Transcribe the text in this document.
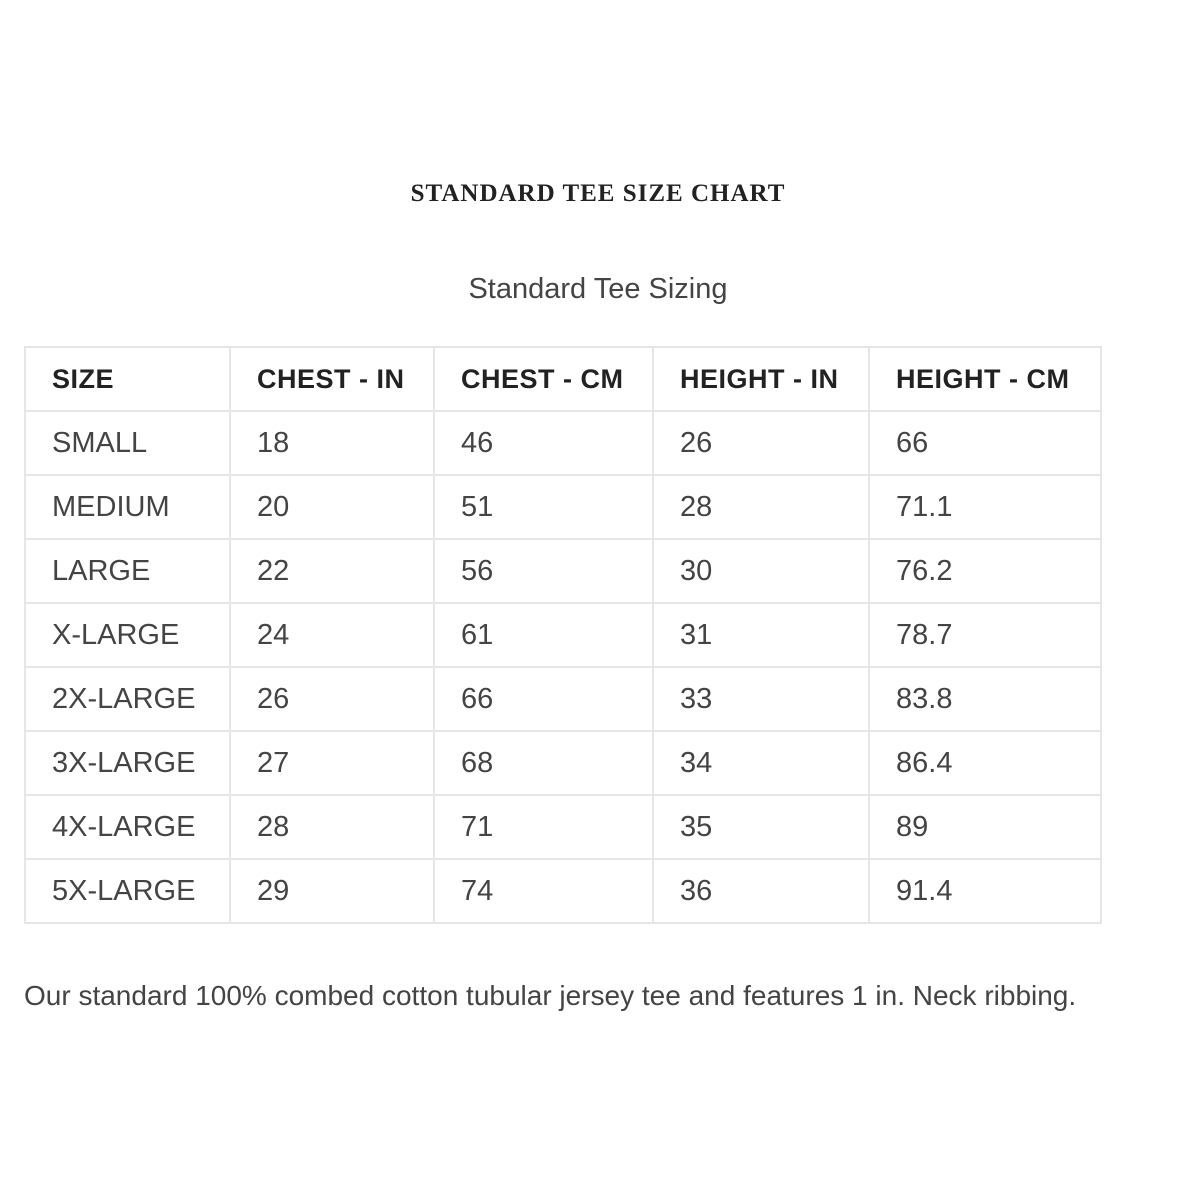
STANDARD TEE SIZE CHART

Standard Tee Sizing

SIZE	CHEST - IN	CHEST - CM	HEIGHT - IN	HEIGHT - CM
SMALL	18	46	26	66
MEDIUM	20	51	28	71.1
LARGE	22	56	30	76.2
X-LARGE	24	61	31	78.7
2X-LARGE	26	66	33	83.8
3X-LARGE	27	68	34	86.4
4X-LARGE	28	71	35	89
5X-LARGE	29	74	36	91.4

Our standard 100% combed cotton tubular jersey tee and features 1 in. Neck ribbing.
